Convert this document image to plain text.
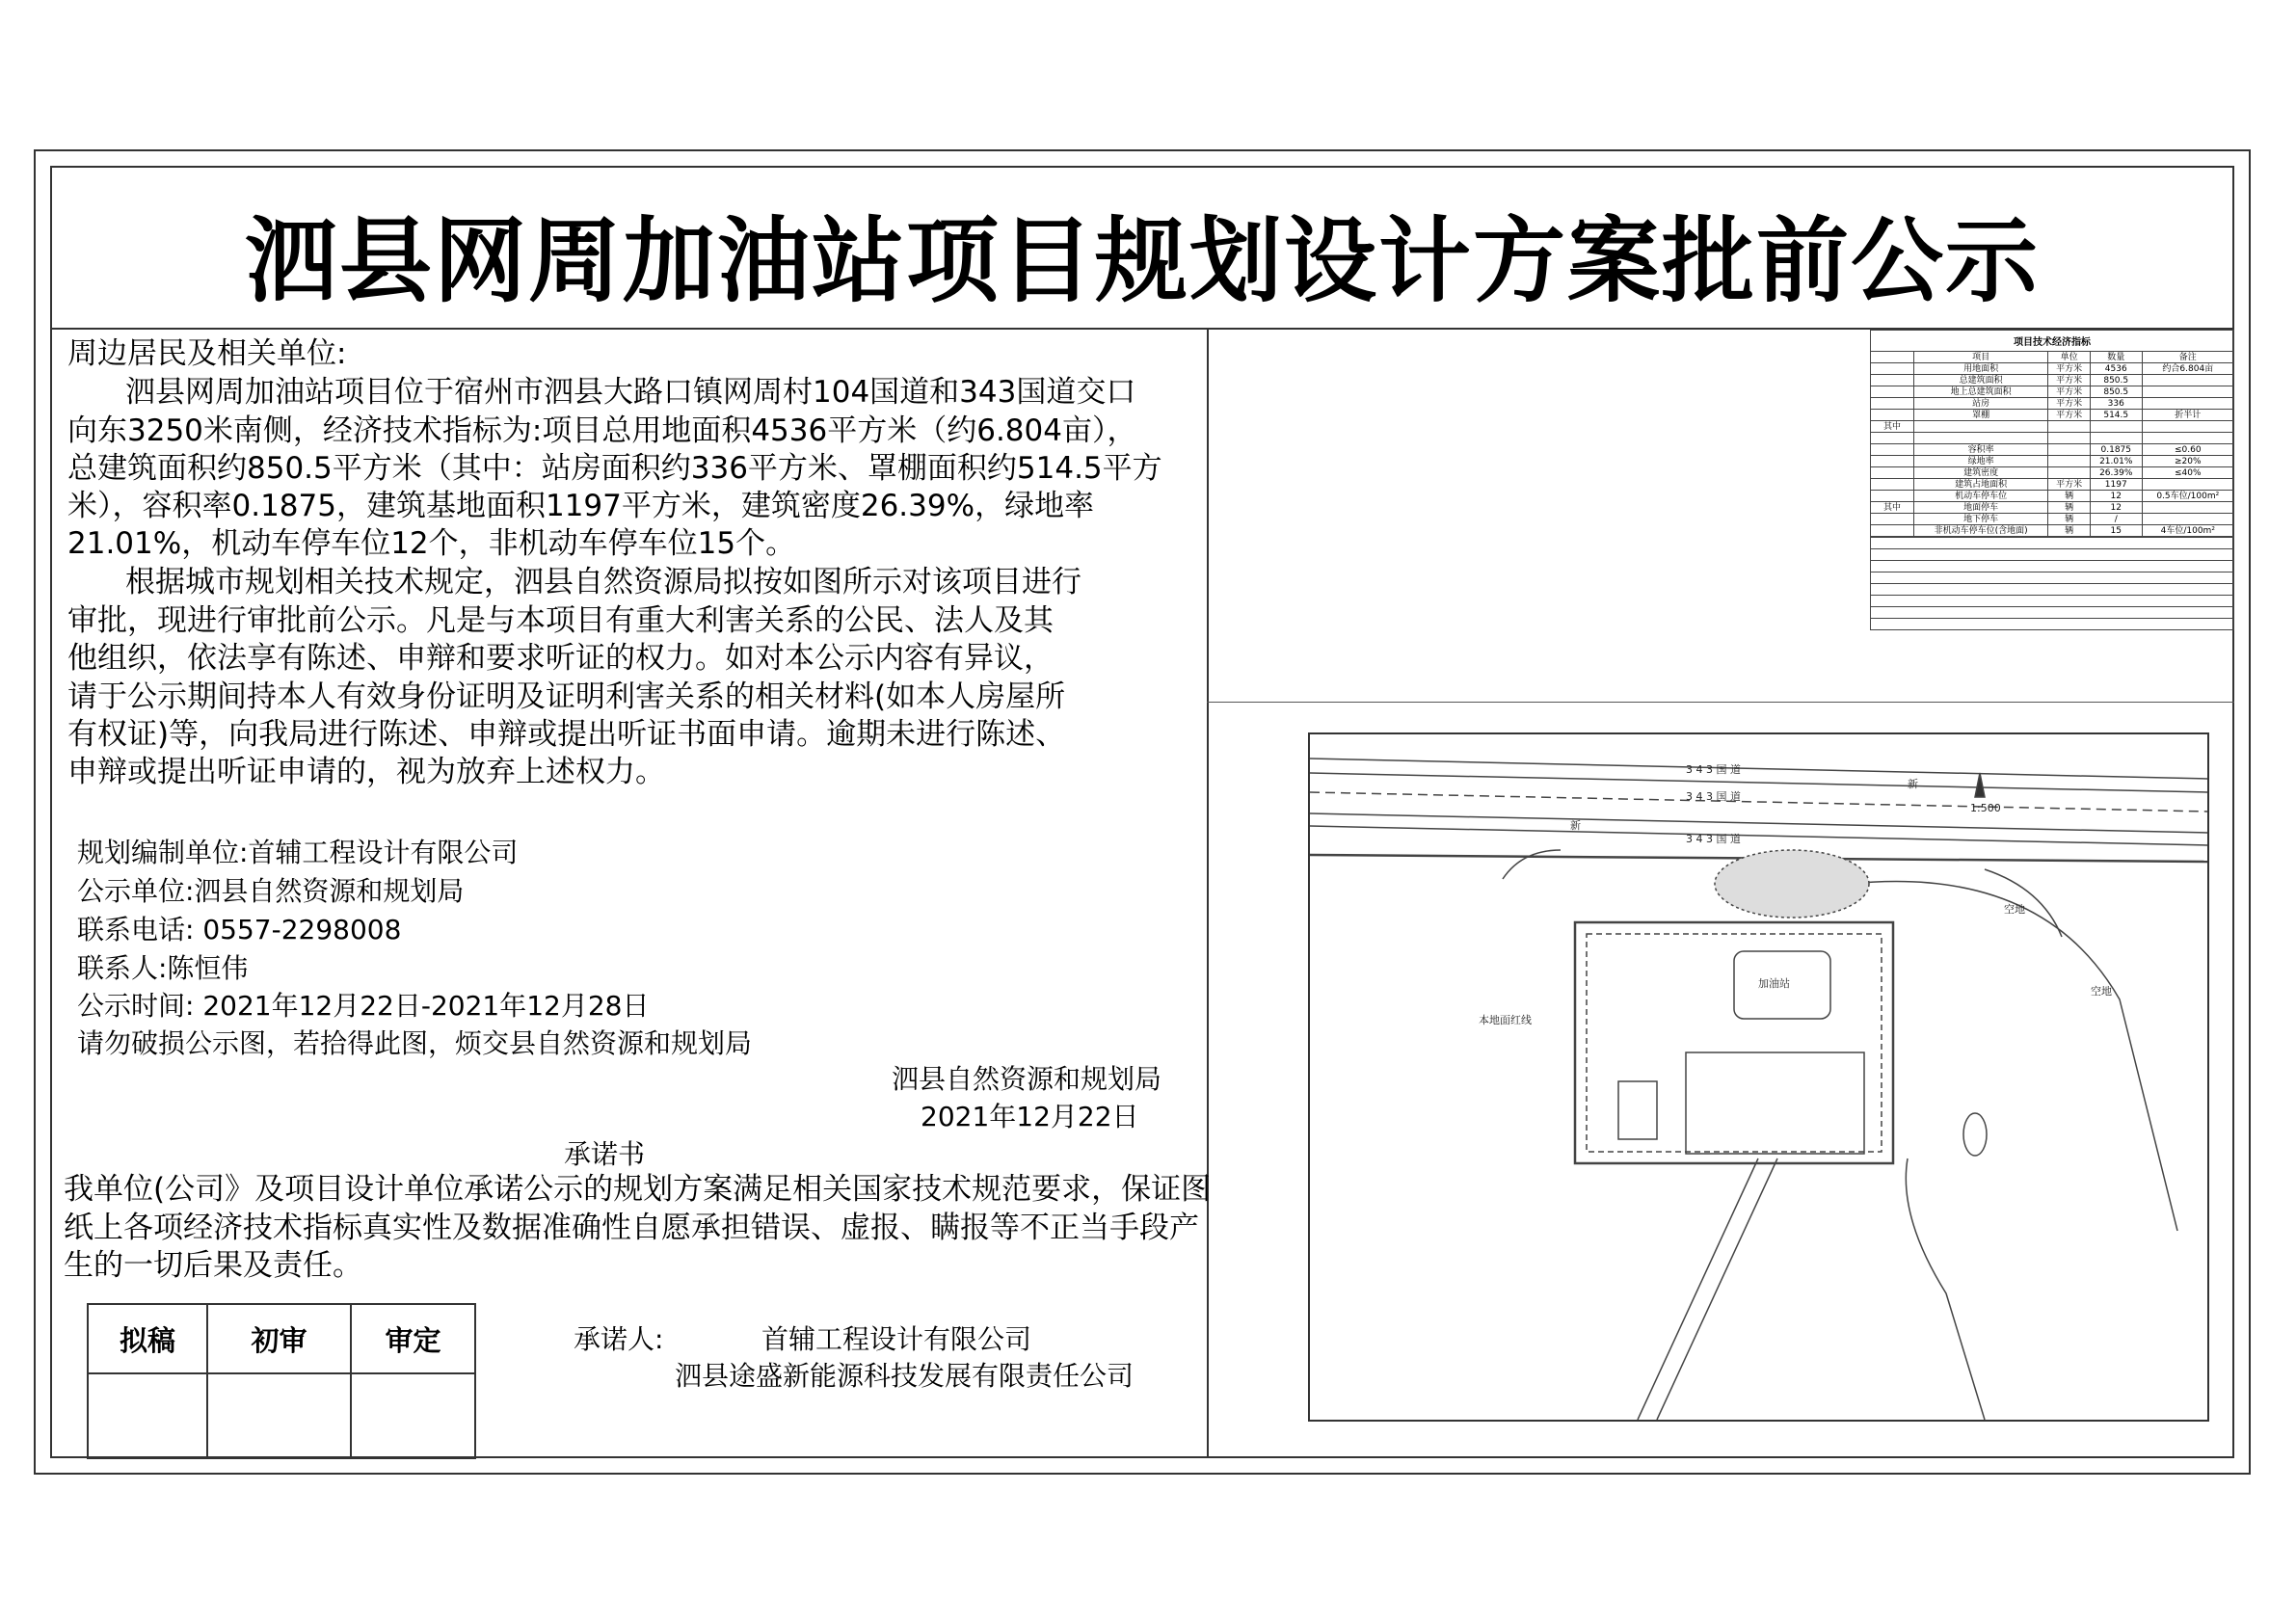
泗县网周加油站项目规划设计方案批前公示
周边居民及相关单位:
泗县网周加油站项目位于宿州市泗县大路口镇网周村104国道和343国道交口
向东3250米南侧，经济技术指标为:项目总用地面积4536平方米（约6.804亩），
总建筑面积约850.5平方米（其中：站房面积约336平方米、罩棚面积约514.5平方
米），容积率0.1875，建筑基地面积1197平方米，建筑密度26.39%，绿地率
21.01%，机动车停车位12个，非机动车停车位15个。
根据城市规划相关技术规定，泗县自然资源局拟按如图所示对该项目进行
审批，现进行审批前公示。凡是与本项目有重大利害关系的公民、法人及其
他组织，依法享有陈述、申辩和要求听证的权力。如对本公示内容有异议，
请于公示期间持本人有效身份证明及证明利害关系的相关材料(如本人房屋所
有权证)等，向我局进行陈述、申辩或提出听证书面申请。逾期未进行陈述、
申辩或提出听证申请的，视为放弃上述权力。
规划编制单位:首辅工程设计有限公司
公示单位:泗县自然资源和规划局
联系电话: 0557-2298008
联系人:陈恒伟
公示时间: 2021年12月22日-2021年12月28日
请勿破损公示图，若拾得此图，烦交县自然资源和规划局
泗县自然资源和规划局
2021年12月22日
承诺书
我单位(公司》及项目设计单位承诺公示的规划方案满足相关国家技术规范要求，保证图
纸上各项经济技术指标真实性及数据准确性自愿承担错误、虚报、瞒报等不正当手段产
生的一切后果及责任。
承诺人:	首辅工程设计有限公司
泗县途盛新能源科技发展有限责任公司
拟稿	初审	审定

项目技术经济指标
	项目	单位	数量	备注
	用地面积	平方米	4536	约合6.804亩
	总建筑面积	平方米	850.5	
	地上总建筑面积	平方米	850.5	
	站房	平方米	336	
	罩棚	平方米	514.5	折半计
其中				

	容积率		0.1875	≤0.60
	绿地率		21.01%	≥20%
	建筑密度		26.39%	≤40%
	建筑占地面积	平方米	1197	
	机动车停车位	辆	12	0.5车位/100m²
其中	地面停车	辆	12	
	地下停车	辆	/	
	非机动车停车位(含地面)	辆	15	4车位/100m²

3 4 3 国 道
3 4 3 国 道
3 4 3 国 道
新
新
空地
空地
本地面红线
加油站
1:500
